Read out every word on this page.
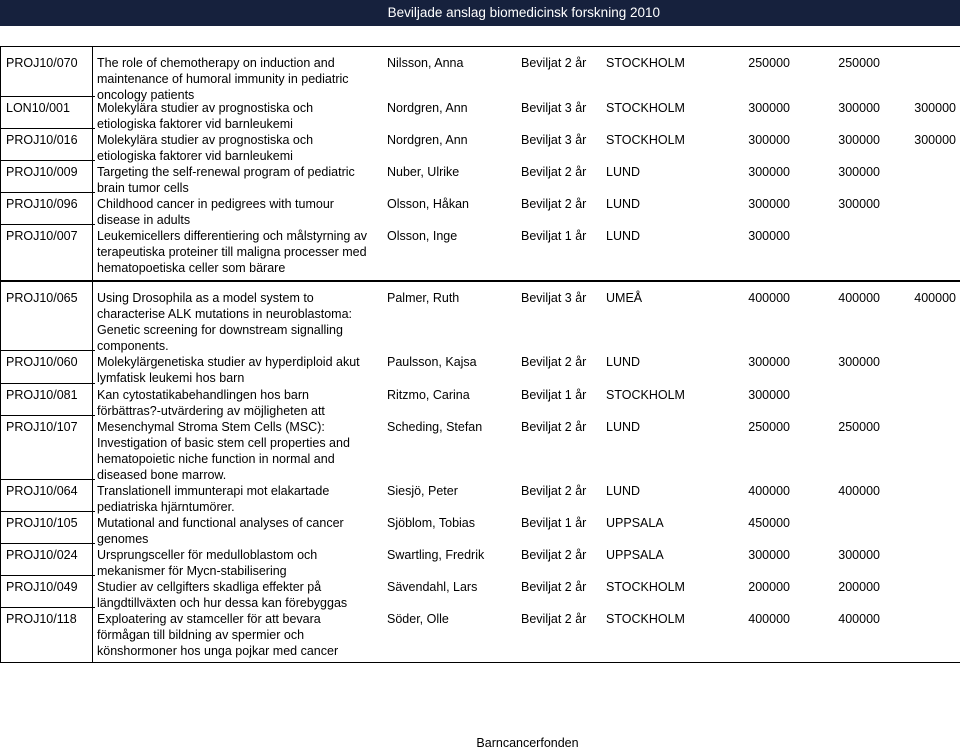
Beviljade anslag biomedicinsk forskning 2010
Barncancerfonden
PROJ10/070 The role of chemotherapy on induction and
maintenance of humoral immunity in pediatric
oncology patients
Nilsson, Anna	Beviljat 2 år STOCKHOLM	250000	250000
LON10/001 Molekylära studier av prognostiska och
etiologiska faktorer vid barnleukemi
Nordgren, Ann	Beviljat 3 år STOCKHOLM	300000	300000	300000
PROJ10/016 Molekylära studier av prognostiska och
etiologiska faktorer vid barnleukemi
Nordgren, Ann	Beviljat 3 år STOCKHOLM	300000	300000	300000
PROJ10/009 Targeting the self-renewal program of pediatric
brain tumor cells
Nuber, Ulrike	Beviljat 2 år LUND	300000	300000
PROJ10/096 Childhood cancer in pedigrees with tumour
disease in adults
Olsson, Håkan	Beviljat 2 år LUND	300000	300000
PROJ10/007 Leukemicellers differentiering och målstyrning av
terapeutiska proteiner till maligna processer med
hematopoetiska celler som bärare
Olsson, Inge	Beviljat 1 år LUND	300000
PROJ10/065 Using Drosophila as a model system to
characterise ALK mutations in neuroblastoma:
Genetic screening for downstream signalling
components.
Palmer, Ruth	Beviljat 3 år UMEÅ	400000	400000	400000
PROJ10/060 Molekylärgenetiska studier av hyperdiploid akut
lymfatisk leukemi hos barn
Paulsson, Kajsa	Beviljat 2 år LUND	300000	300000
PROJ10/081 Kan cytostatikabehandlingen hos barn
förbättras?-utvärdering av möjligheten att
Ritzmo, Carina	Beviljat 1 år STOCKHOLM	300000
PROJ10/107 Mesenchymal Stroma Stem Cells (MSC):
Investigation of basic stem cell properties and
hematopoietic niche function in normal and
diseased bone marrow.
Scheding, Stefan	Beviljat 2 år LUND	250000	250000
PROJ10/064 Translationell immunterapi mot elakartade
pediatriska hjärntumörer.
Siesjö, Peter	Beviljat 2 år LUND	400000	400000
PROJ10/105 Mutational and functional analyses of cancer
genomes
Sjöblom, Tobias	Beviljat 1 år UPPSALA	450000
PROJ10/024 Ursprungsceller för medulloblastom och
mekanismer för Mycn-stabilisering
Swartling, Fredrik	Beviljat 2 år UPPSALA	300000	300000
PROJ10/049 Studier av cellgifters skadliga effekter på
längdtillväxten och hur dessa kan förebyggas
Sävendahl, Lars	Beviljat 2 år STOCKHOLM	200000	200000
PROJ10/118 Exploatering av stamceller för att bevara
förmågan till bildning av spermier och
könshormoner hos unga pojkar med cancer
Söder, Olle	Beviljat 2 år STOCKHOLM	400000	400000
